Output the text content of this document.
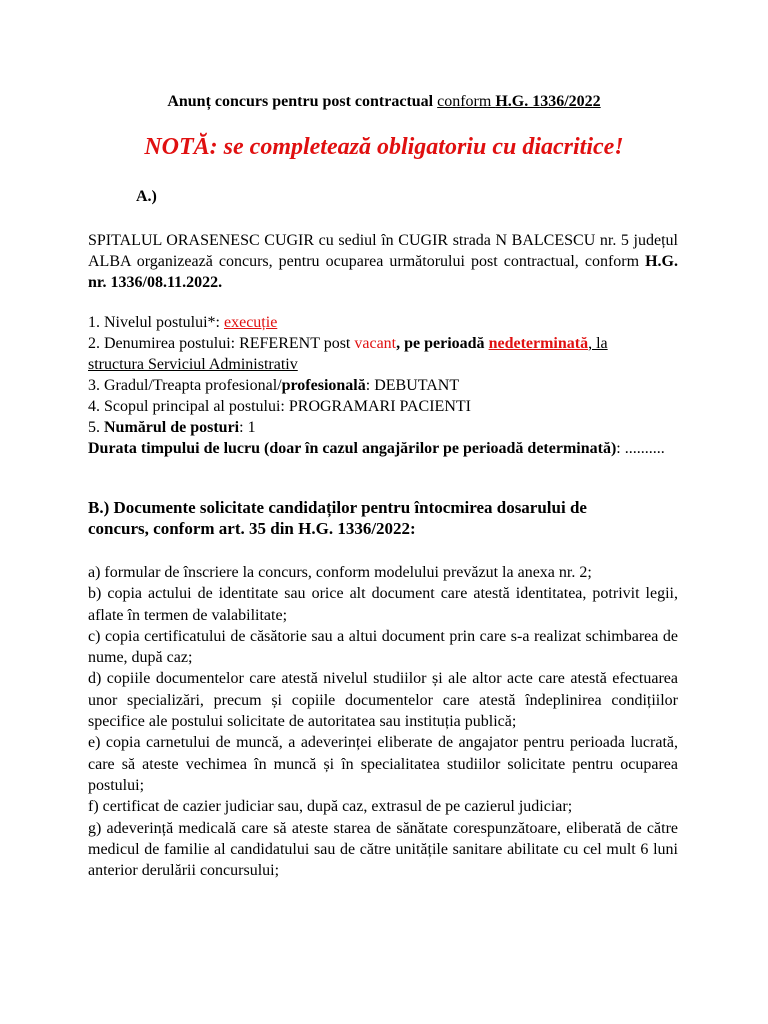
Anunț concurs pentru post contractual conform H.G. 1336/2022
NOTĂ: se completează obligatoriu cu diacritice!
A.)
SPITALUL ORASENESC CUGIR cu sediul în CUGIR strada N BALCESCU nr. 5 județul ALBA organizează concurs, pentru ocuparea următorului post contractual, conform H.G. nr. 1336/08.11.2022.
1. Nivelul postului*: execuție
2. Denumirea postului: REFERENT post vacant, pe perioadă nedeterminată, la
structura Serviciul Administrativ
3. Gradul/Treapta profesional/profesională: DEBUTANT
4. Scopul principal al postului: PROGRAMARI PACIENTI
5. Numărul de posturi: 1
Durata timpului de lucru (doar în cazul angajărilor pe perioadă determinată): ..........
B.) Documente solicitate candidaților pentru întocmirea dosarului de concurs, conform art. 35 din H.G. 1336/2022:

a) formular de înscriere la concurs, conform modelului prevăzut la anexa nr. 2;

b) copia actului de identitate sau orice alt document care atestă identitatea, potrivit legii, aflate în termen de valabilitate;

c) copia certificatului de căsătorie sau a altui document prin care s-a realizat schimbarea de nume, după caz;

d) copiile documentelor care atestă nivelul studiilor și ale altor acte care atestă efectuarea unor specializări, precum și copiile documentelor care atestă îndeplinirea condițiilor specifice ale postului solicitate de autoritatea sau instituția publică;

e) copia carnetului de muncă, a adeverinței eliberate de angajator pentru perioada lucrată, care să ateste vechimea în muncă și în specialitatea studiilor solicitate pentru ocuparea postului;

f) certificat de cazier judiciar sau, după caz, extrasul de pe cazierul judiciar;

g) adeverință medicală care să ateste starea de sănătate corespunzătoare, eliberată de către medicul de familie al candidatului sau de către unitățile sanitare abilitate cu cel mult 6 luni anterior derulării concursului;
